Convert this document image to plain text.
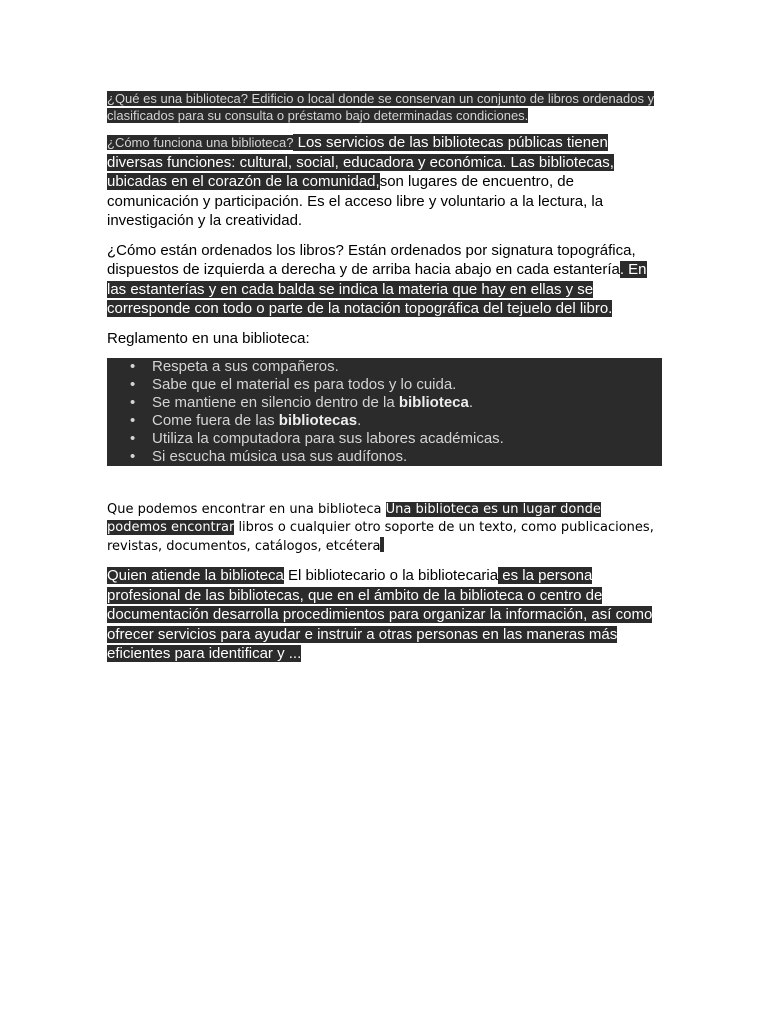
¿Qué es una biblioteca? Edificio o local donde se conservan un conjunto de libros ordenados y clasificados para su consulta o préstamo bajo determinadas condiciones.

¿Cómo funciona una biblioteca? Los servicios de las bibliotecas públicas tienen diversas funciones: cultural, social, educadora y económica. Las bibliotecas, ubicadas en el corazón de la comunidad,son lugares de encuentro, de comunicación y participación. Es el acceso libre y voluntario a la lectura, la investigación y la creatividad.

¿Cómo están ordenados los libros? Están ordenados por signatura topográfica, dispuestos de izquierda a derecha y de arriba hacia abajo en cada estantería. En las estanterías y en cada balda se indica la materia que hay en ellas y se corresponde con todo o parte de la notación topográfica del tejuelo del libro.

Reglamento en una biblioteca:

• Respeta a sus compañeros.
• Sabe que el material es para todos y lo cuida.
• Se mantiene en silencio dentro de la biblioteca.
• Come fuera de las bibliotecas.
• Utiliza la computadora para sus labores académicas.
• Si escucha música usa sus audífonos.

Que podemos encontrar en una biblioteca Una biblioteca es un lugar donde podemos encontrar libros o cualquier otro soporte de un texto, como publicaciones, revistas, documentos, catálogos, etcétera

Quien atiende la biblioteca El bibliotecario o la bibliotecaria es la persona profesional de las bibliotecas, que en el ámbito de la biblioteca o centro de documentación desarrolla procedimientos para organizar la información, así como ofrecer servicios para ayudar e instruir a otras personas en las maneras más eficientes para identificar y ...
